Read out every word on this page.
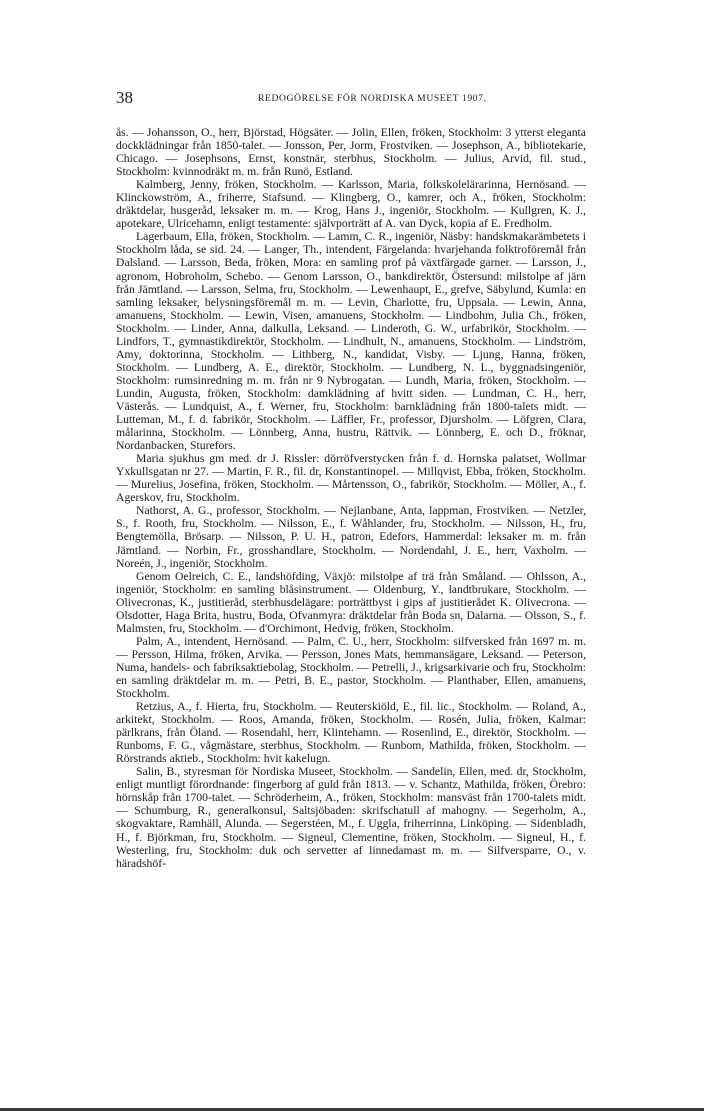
38	REDOGÖRELSE FÖR NORDISKA MUSEET 1907.

ås. — Johansson, O., herr, Björstad, Högsäter. — Jolin, Ellen, fröken, Stockholm: 3 ytterst eleganta dockklädningar från 1850-talet. — Jonsson, Per, Jorm, Frostviken. — Josephson, A., bibliotekarie, Chicago. — Josephsons, Ernst, konstnär, sterbhus, Stockholm. — Julius, Arvid, fil. stud., Stockholm: kvinnodräkt m. m. från Runö, Estland.

Kalmberg, Jenny, fröken, Stockholm. — Karlsson, Maria, folkskolelärarinna, Hernösand. — Klinckowström, A., friherre, Stafsund. — Klingberg, O., kamrer, och A., fröken, Stockholm: dräktdelar, husgeråd, leksaker m. m. — Krog, Hans J., ingeniör, Stockholm. — Kullgren, K. J., apotekare, Ulricehamn, enligt testamente: självporträtt af A. van Dyck, kopia af E. Fredholm.

Lagerbaum, Ella, fröken, Stockholm. — Lamm, C. R., ingeniör, Näsby: handskmakarämbetets i Stockholm låda, se sid. 24. — Langer, Th., intendent, Färgelanda: hvarjehanda folktroföremål från Dalsland. — Larsson, Beda, fröken, Mora: en samling prof på växtfärgade garner. — Larsson, J., agronom, Hobroholm, Schebo. — Genom Larsson, O., bankdirektör, Östersund: milstolpe af järn från Jämtland. — Larsson, Selma, fru, Stockholm. — Lewenhaupt, E., grefve, Säbylund, Kumla: en samling leksaker, belysningsföremål m. m. — Levin, Charlotte, fru, Uppsala. — Lewin, Anna, amanuens, Stockholm. — Lewin, Visen, amanuens, Stockholm. — Lindbohm, Julia Ch., fröken, Stockholm. — Linder, Anna, dalkulla, Leksand. — Linderoth, G. W., urfabrikör, Stockholm. — Lindfors, T., gymnastikdirektör, Stockholm. — Lindhult, N., amanuens, Stockholm. — Lindström, Amy, doktorinna, Stockholm. — Lithberg, N., kandidat, Visby. — Ljung, Hanna, fröken, Stockholm. — Lundberg, A. E., direktör, Stockholm. — Lundberg, N. L., byggnadsingeniör, Stockholm: rumsinredning m. m. från nr 9 Nybrogatan. — Lundh, Maria, fröken, Stockholm. — Lundin, Augusta, fröken, Stockholm: damklädning af hvitt siden. — Lundman, C. H., herr, Västerås. — Lundquist, A., f. Werner, fru, Stockholm: barnklädning från 1800-talets midt. — Lutteman, M., f. d. fabrikör, Stockholm. — Läffler, Fr., professor, Djursholm. — Löfgren, Clara, målarinna, Stockholm. — Lönnberg, Anna, hustru, Rättvik. — Lönnberg, E. och D., fröknar, Nordanbacken, Sturefors.

Maria sjukhus gm med. dr J. Rissler: dörröfverstycken från f. d. Hornska palatset, Wollmar Yxkullsgatan nr 27. — Martin, F. R., fil. dr, Konstantinopel. — Millqvist, Ebba, fröken, Stockholm. — Murelius, Josefina, fröken, Stockholm. — Mårtensson, O., fabrikör, Stockholm. — Möller, A., f. Agerskov, fru, Stockholm.

Nathorst, A. G., professor, Stockholm. — Nejlanbane, Anta, lappman, Frostviken. — Netzler, S., f. Rooth, fru, Stockholm. — Nilsson, E., f. Wåhlander, fru, Stockholm. — Nilsson, H., fru, Bengtemölla, Brösarp. — Nilsson, P. U. H., patron, Edefors, Hammerdal: leksaker m. m. från Jämtland. — Norbin, Fr., grosshandlare, Stockholm. — Nordendahl, J. E., herr, Vaxholm. — Noreén, J., ingeniör, Stockholm.

Genom Oelreich, C. E., landshöfding, Växjö: milstolpe af trä från Småland. — Ohlsson, A., ingeniör, Stockholm: en samling blåsinstrument. — Oldenburg, Y., landtbrukare, Stockholm. — Olivecronas, K., justitieråd, sterbhusdelägare: porträttbyst i gips af justitierådet K. Olivecrona. — Olsdotter, Haga Brita, hustru, Boda, Ofvanmyra: dräktdelar från Boda sn, Dalarna. — Olsson, S., f. Malmsten, fru, Stockholm. — d'Orchimont, Hedvig, fröken, Stockholm.

Palm, A., intendent, Hernösand. — Palm, C. U., herr, Stockholm: silfversked från 1697 m. m. — Persson, Hilma, fröken, Arvika. — Persson, Jones Mats, hemmansägare, Leksand. — Peterson, Numa, handels- och fabriksaktiebolag, Stockholm. — Petrelli, J., krigsarkivarie och fru, Stockholm: en samling dräktdelar m. m. — Petri, B. E., pastor, Stockholm. — Planthaber, Ellen, amanuens, Stockholm.

Retzius, A., f. Hierta, fru, Stockholm. — Reuterskiöld, E., fil. lic., Stockholm. — Roland, A., arkitekt, Stockholm. — Roos, Amanda, fröken, Stockholm. — Rosén, Julia, fröken, Kalmar: pärlkrans, från Öland. — Rosendahl, herr, Klintehamn. — Rosenlind, E., direktör, Stockholm. — Runboms, F. G., vågmästare, sterbhus, Stockholm. — Runbom, Mathilda, fröken, Stockholm. — Rörstrands aktieb., Stockholm: hvit kakelugn.

Salin, B., styresman för Nordiska Museet, Stockholm. — Sandelin, Ellen, med. dr, Stockholm, enligt muntligt förordnande: fingerborg af guld från 1813. — v. Schantz, Mathilda, fröken, Örebro: hörnskåp från 1700-talet. — Schröderheim, A., fröken, Stockholm: mansväst från 1700-talets midt. — Schumburg, R., generalkonsul, Saltsjöbaden: skrifschatull af mahogny. — Segerholm, A., skogvaktare, Ramhäll, Alunda. — Segerstéen, M., f. Uggla, friherrinna, Linköping. — Sidenbladh, H., f. Björkman, fru, Stockholm. — Signeul, Clementine, fröken, Stockholm. — Signeul, H., f. Westerling, fru, Stockholm: duk och servetter af linnedamast m. m. — Silfversparre, O., v. häradshöf-
